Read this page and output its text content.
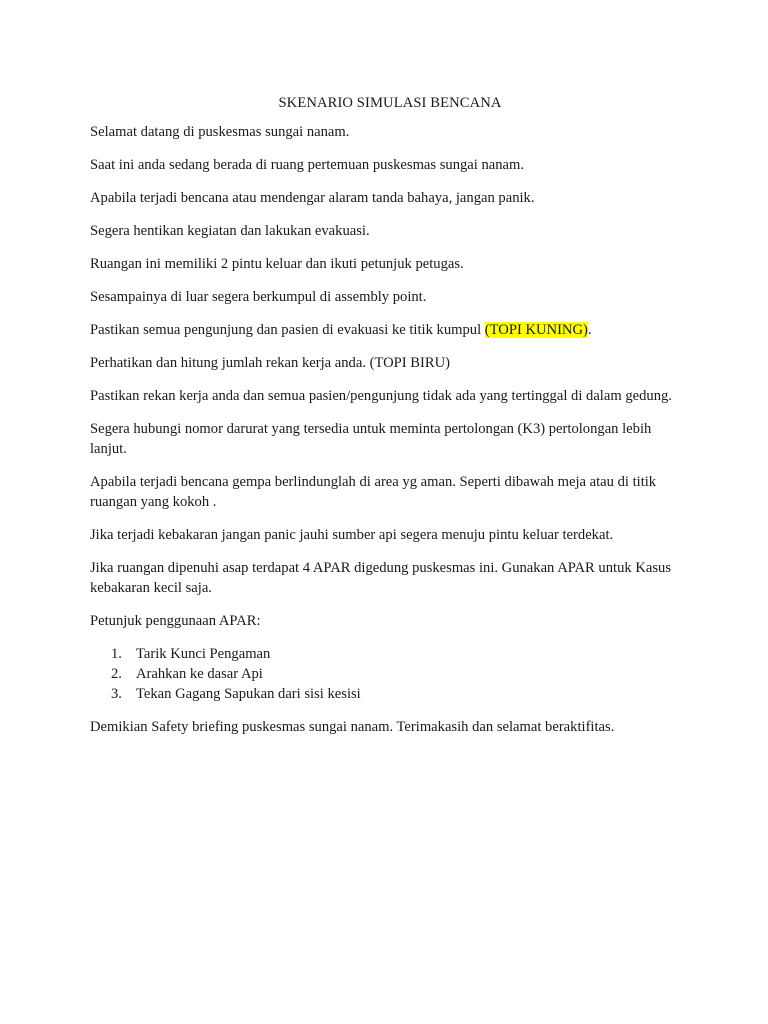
SKENARIO SIMULASI BENCANA

Selamat datang di puskesmas sungai nanam.

Saat ini anda sedang berada di ruang pertemuan puskesmas sungai nanam.

Apabila terjadi bencana atau mendengar alaram tanda bahaya, jangan panik.

Segera hentikan kegiatan dan lakukan evakuasi.

Ruangan ini memiliki 2 pintu keluar dan ikuti petunjuk petugas.

Sesampainya di luar segera berkumpul di assembly point.

Pastikan semua pengunjung dan pasien di evakuasi ke titik kumpul (TOPI KUNING).

Perhatikan dan hitung jumlah rekan kerja anda. (TOPI BIRU)

Pastikan rekan kerja anda dan semua pasien/pengunjung tidak ada yang tertinggal di dalam gedung.

Segera hubungi nomor darurat yang tersedia untuk meminta pertolongan (K3) pertolongan lebih lanjut.

Apabila terjadi bencana gempa berlindunglah di area yg aman. Seperti dibawah meja atau di titik ruangan yang kokoh .

Jika terjadi kebakaran jangan panic jauhi sumber api segera menuju pintu keluar terdekat.

Jika ruangan dipenuhi asap terdapat 4 APAR digedung puskesmas ini. Gunakan APAR untuk Kasus kebakaran kecil saja.

Petunjuk penggunaan APAR:

1. Tarik Kunci Pengaman
2. Arahkan ke dasar Api
3. Tekan Gagang Sapukan dari sisi kesisi

Demikian Safety briefing puskesmas sungai nanam. Terimakasih dan selamat beraktifitas.
